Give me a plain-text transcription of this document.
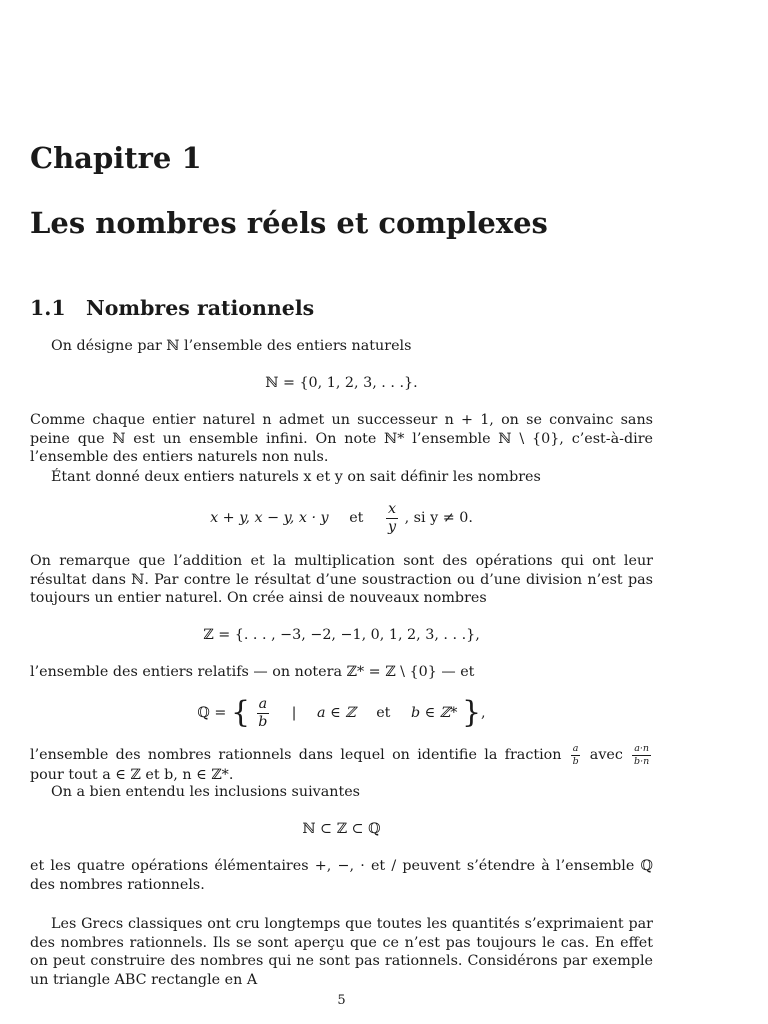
Chapitre 1
Les nombres réels et complexes
1.1 Nombres rationnels

On désigne par ℕ l’ensemble des entiers naturels

ℕ = {0, 1, 2, 3, . . .}.

Comme chaque entier naturel n admet un successeur n + 1, on se convainc sans peine que ℕ est un ensemble infini. On note ℕ* l’ensemble ℕ \ {0}, c’est-à-dire l’ensemble des entiers naturels non nuls.

Étant donné deux entiers naturels x et y on sait définir les nombres

x + y, x − y, x · y et $\frac{x}{y}$ , si y ≠ 0.

On remarque que l’addition et la multiplication sont des opérations qui ont leur résultat dans ℕ. Par contre le résultat d’une soustraction ou d’une division n’est pas toujours un entier naturel. On crée ainsi de nouveaux nombres

ℤ = {. . . , −3, −2, −1, 0, 1, 2, 3, . . .},

l’ensemble des entiers relatifs — on notera ℤ* = ℤ \ {0} — et

ℚ = { $\frac{a}{b}$ | a ∈ ℤ et b ∈ ℤ* },

l’ensemble des nombres rationnels dans lequel on identifie la fraction $\frac{a}{b}$ avec $\frac{a\cdot n}{b\cdot n}$
pour tout a ∈ ℤ et b, n ∈ ℤ*.

On a bien entendu les inclusions suivantes

ℕ ⊂ ℤ ⊂ ℚ

et les quatre opérations élémentaires +, −, · et / peuvent s’étendre à l’ensemble ℚ des nombres rationnels.

Les Grecs classiques ont cru longtemps que toutes les quantités s’exprimaient par des nombres rationnels. Ils se sont aperçu que ce n’est pas toujours le cas. En effet on peut construire des nombres qui ne sont pas rationnels. Considérons par exemple un triangle ABC rectangle en A

5
